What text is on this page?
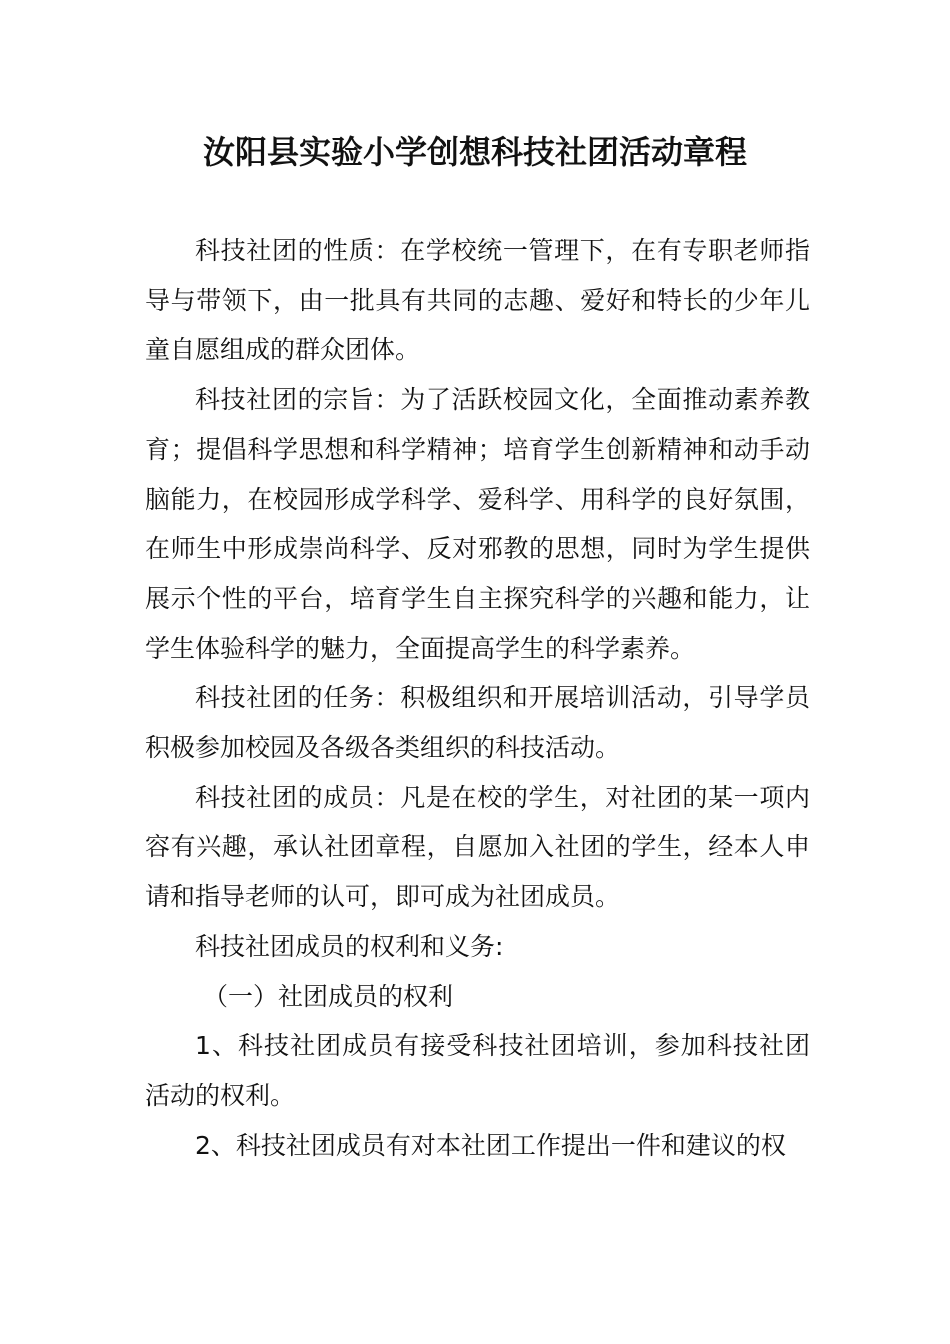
汝阳县实验小学创想科技社团活动章程

科技社团的性质：在学校统一管理下，在有专职老师指导与带领下，由一批具有共同的志趣、爱好和特长的少年儿童自愿组成的群众团体。

科技社团的宗旨：为了活跃校园文化，全面推动素养教育；提倡科学思想和科学精神；培育学生创新精神和动手动脑能力，在校园形成学科学、爱科学、用科学的良好氛围，在师生中形成崇尚科学、反对邪教的思想，同时为学生提供展示个性的平台，培育学生自主探究科学的兴趣和能力，让学生体验科学的魅力，全面提高学生的科学素养。

科技社团的任务：积极组织和开展培训活动，引导学员积极参加校园及各级各类组织的科技活动。

科技社团的成员：凡是在校的学生，对社团的某一项内容有兴趣，承认社团章程，自愿加入社团的学生，经本人申请和指导老师的认可，即可成为社团成员。

科技社团成员的权利和义务:

（一）社团成员的权利

1、科技社团成员有接受科技社团培训，参加科技社团活动的权利。

2、科技社团成员有对本社团工作提出一件和建议的权
